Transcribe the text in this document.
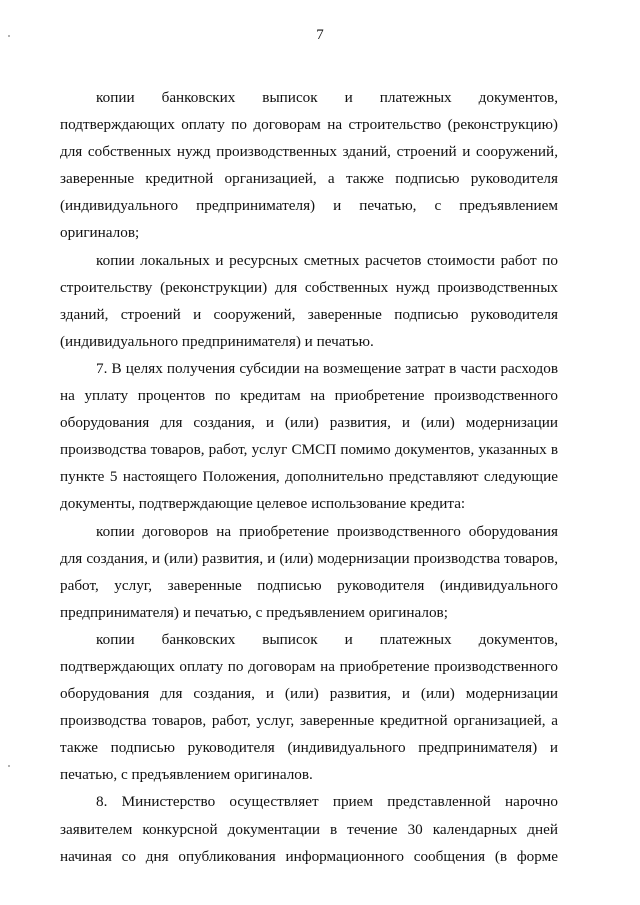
7

копии банковских выписок и платежных документов, подтверждающих оплату по договорам на строительство (реконструкцию) для собственных нужд производственных зданий, строений и сооружений, заверенные кредитной организацией, а также подписью руководителя (индивидуального предпринимателя) и печатью, с предъявлением

оригиналов;

копии локальных и ресурсных сметных расчетов стоимости работ по строительству (реконструкции) для собственных нужд производственных зданий, строений и сооружений, заверенные подписью руководителя

(индивидуального предпринимателя) и печатью.

7. В целях получения субсидии на возмещение затрат в части расходов на уплату процентов по кредитам на приобретение производственного оборудования для создания, и (или) развития, и (или) модернизации производства товаров, работ, услуг СМСП помимо документов, указанных в пункте 5 настоящего Положения, дополнительно представляют следующие

документы, подтверждающие целевое использование кредита:

копии договоров на приобретение производственного оборудования для создания, и (или) развития, и (или) модернизации производства товаров, работ, услуг, заверенные подписью руководителя (индивидуального

предпринимателя) и печатью, с предъявлением оригиналов;

копии банковских выписок и платежных документов, подтверждающих оплату по договорам на приобретение производственного оборудования для создания, и (или) развития, и (или) модернизации производства товаров, работ, услуг, заверенные кредитной организацией, а также подписью руководителя (индивидуального предпринимателя) и

печатью, с предъявлением оригиналов.

8. Министерство осуществляет прием представленной нарочно заявителем конкурсной документации в течение 30 календарных дней начиная со дня опубликования информационного сообщения (в форме
